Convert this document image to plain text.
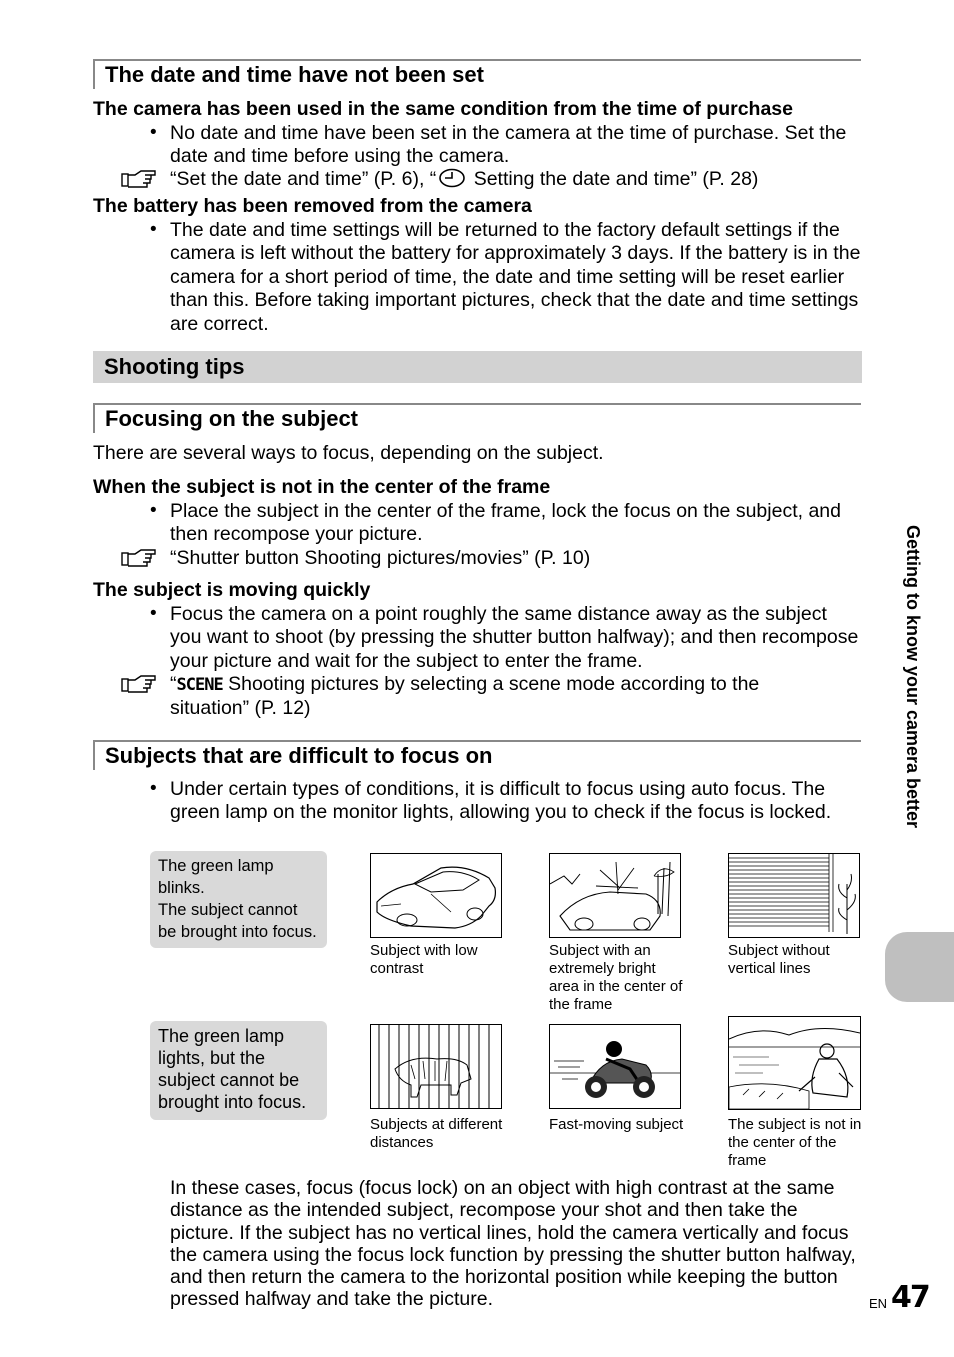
The date and time have not been set
The camera has been used in the same condition from the time of purchase
• No date and time have been set in the camera at the time of purchase. Set the date and time before using the camera.
“Set the date and time” (P. 6), “ Setting the date and time” (P. 28)
The battery has been removed from the camera
• The date and time settings will be returned to the factory default settings if the camera is left without the battery for approximately 3 days. If the battery is in the camera for a short period of time, the date and time setting will be reset earlier than this. Before taking important pictures, check that the date and time settings are correct.
Shooting tips
Focusing on the subject
There are several ways to focus, depending on the subject.
When the subject is not in the center of the frame
• Place the subject in the center of the frame, lock the focus on the subject, and then recompose your picture.
“Shutter button Shooting pictures/movies” (P. 10)
The subject is moving quickly
• Focus the camera on a point roughly the same distance away as the subject you want to shoot (by pressing the shutter button halfway); and then recompose your picture and wait for the subject to enter the frame.
“SCENE Shooting pictures by selecting a scene mode according to the situation” (P. 12)
Subjects that are difficult to focus on
• Under certain types of conditions, it is difficult to focus using auto focus. The green lamp on the monitor lights, allowing you to check if the focus is locked.
The green lamp blinks.
The subject cannot be brought into focus.
The green lamp lights, but the subject cannot be brought into focus.
Subject with low contrast
Subject with an extremely bright area in the center of the frame
Subject without vertical lines
Subjects at different distances
Fast-moving subject	The subject is not in the center of the frame
In these cases, focus (focus lock) on an object with high contrast at the same distance as the intended subject, recompose your shot and then take the picture. If the subject has no vertical lines, hold the camera vertically and focus the camera using the focus lock function by pressing the shutter button halfway, and then return the camera to the horizontal position while keeping the button pressed halfway and take the picture.
Getting to know your camera better
EN 47
